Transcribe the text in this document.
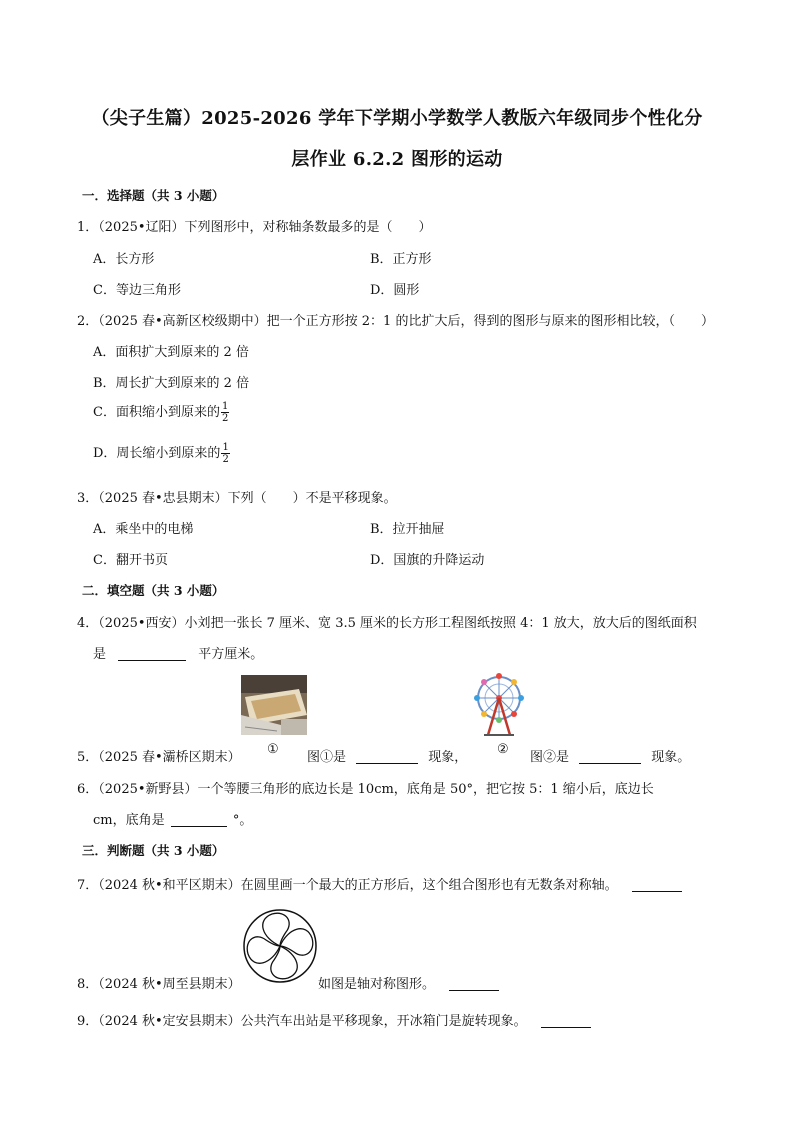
（尖子生篇）2025-2026 学年下学期小学数学人教版六年级同步个性化分
层作业 6.2.2 图形的运动
一．选择题（共 3 小题）
1．（2025•辽阳）下列图形中，对称轴条数最多的是（　　）
A．长方形	B．正方形
C．等边三角形	D．圆形
2．（2025 春•高新区校级期中）把一个正方形按 2：1 的比扩大后，得到的图形与原来的图形相比较，（　　）
A．面积扩大到原来的 2 倍
B．周长扩大到原来的 2 倍
C．面积缩小到原来的 $\frac{1}{2}$
D．周长缩小到原来的 $\frac{1}{2}$
3．（2025 春•忠县期末）下列（　　）不是平移现象。
A．乘坐中的电梯	B．拉开抽屉
C．翻开书页	D．国旗的升降运动
二．填空题（共 3 小题）
4．（2025•西安）小刘把一张长 7 厘米、宽 3.5 厘米的长方形工程图纸按照 4：1 放大，放大后的图纸面积
是	平方厘米。
5．（2025 春•灞桥区期末）
①
图①是	现象，
②
图②是	现象。
6．（2025•新野县）一个等腰三角形的底边长是 10cm，底角是 50°，把它按 5：1 缩小后，底边长
cm，底角是	°。
三．判断题（共 3 小题）
7．（2024 秋•和平区期末）在圆里画一个最大的正方形后，这个组合图形也有无数条对称轴。
8．（2024 秋•周至县期末）	如图是轴对称图形。
9．（2024 秋•定安县期末）公共汽车出站是平移现象，开冰箱门是旋转现象。
